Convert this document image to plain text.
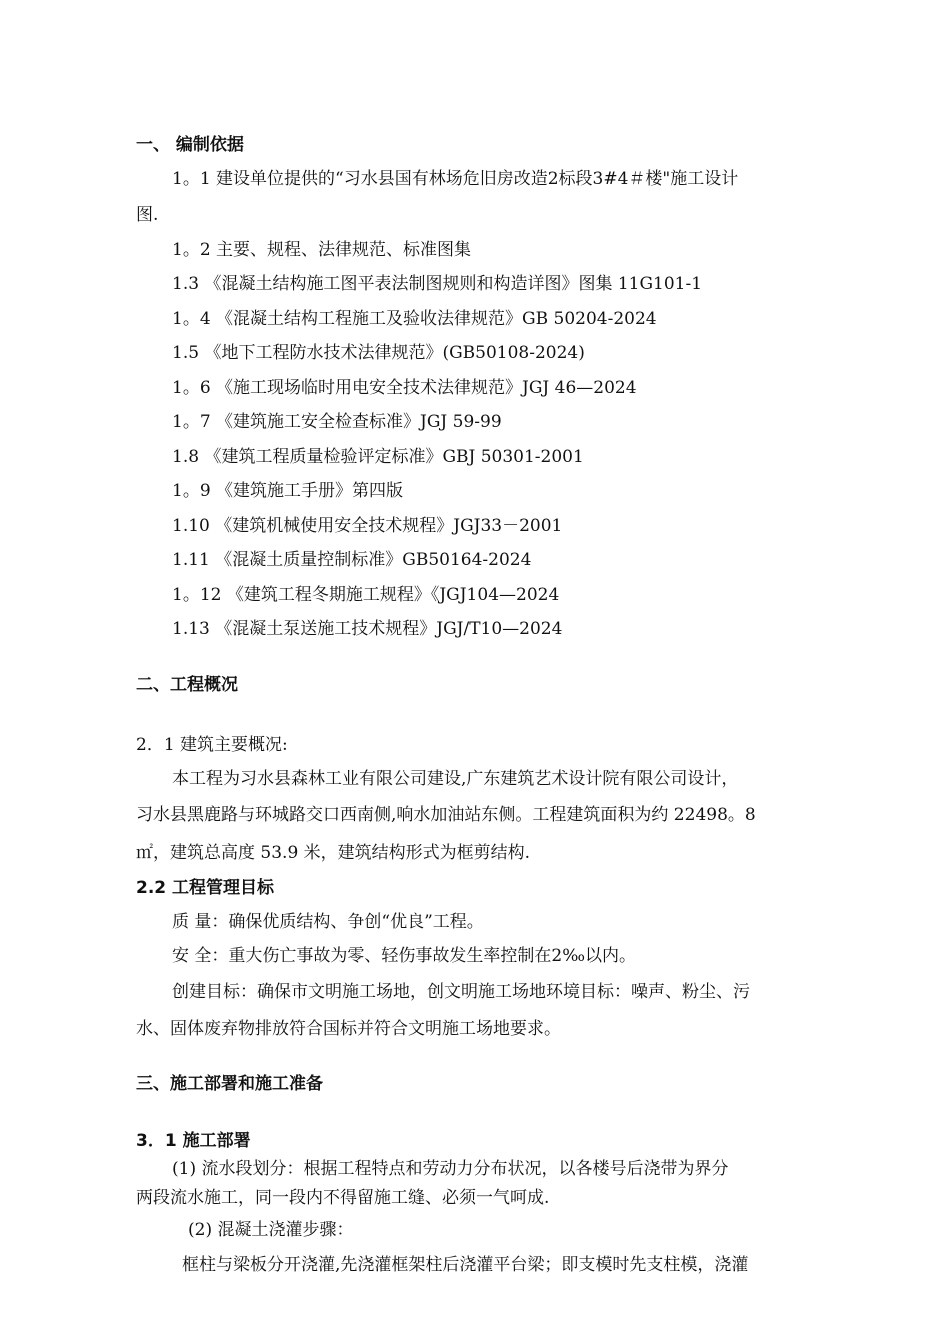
一、 编制依据
1。1 建设单位提供的“习水县国有林场危旧房改造2标段3#4＃楼"施工设计
图.
1。2 主要、规程、法律规范、标准图集
1.3 《混凝土结构施工图平表法制图规则和构造详图》图集 11G101-1
1。4 《混凝土结构工程施工及验收法律规范》GB 50204-2024
1.5 《地下工程防水技术法律规范》(GB50108-2024)
1。6 《施工现场临时用电安全技术法律规范》JGJ 46—2024
1。7 《建筑施工安全检查标准》JGJ 59-99
1.8 《建筑工程质量检验评定标准》GBJ 50301-2001
1。9 《建筑施工手册》第四版
1.10 《建筑机械使用安全技术规程》JGJ33－2001
1.11 《混凝土质量控制标准》GB50164-2024
1。12 《建筑工程冬期施工规程》《JGJ104—2024
1.13 《混凝土泵送施工技术规程》JGJ/T10—2024
二、工程概况
2．1 建筑主要概况:
本工程为习水县森林工业有限公司建设,广东建筑艺术设计院有限公司设计，
习水县黑鹿路与环城路交口西南侧,响水加油站东侧。工程建筑面积为约 22498。8
㎡，建筑总高度 53.9 米，建筑结构形式为框剪结构.
2.2 工程管理目标
质 量：确保优质结构、争创“优良”工程。
安 全：重大伤亡事故为零、轻伤事故发生率控制在2‰以内。
创建目标：确保市文明施工场地，创文明施工场地环境目标：噪声、粉尘、污
水、固体废弃物排放符合国标并符合文明施工场地要求。
三、施工部署和施工准备
3．1 施工部署
(1) 流水段划分：根据工程特点和劳动力分布状况，以各楼号后浇带为界分
两段流水施工，同一段内不得留施工缝、必须一气呵成.
(2) 混凝土浇灌步骤：
框柱与梁板分开浇灌,先浇灌框架柱后浇灌平台梁；即支模时先支柱模，浇灌
